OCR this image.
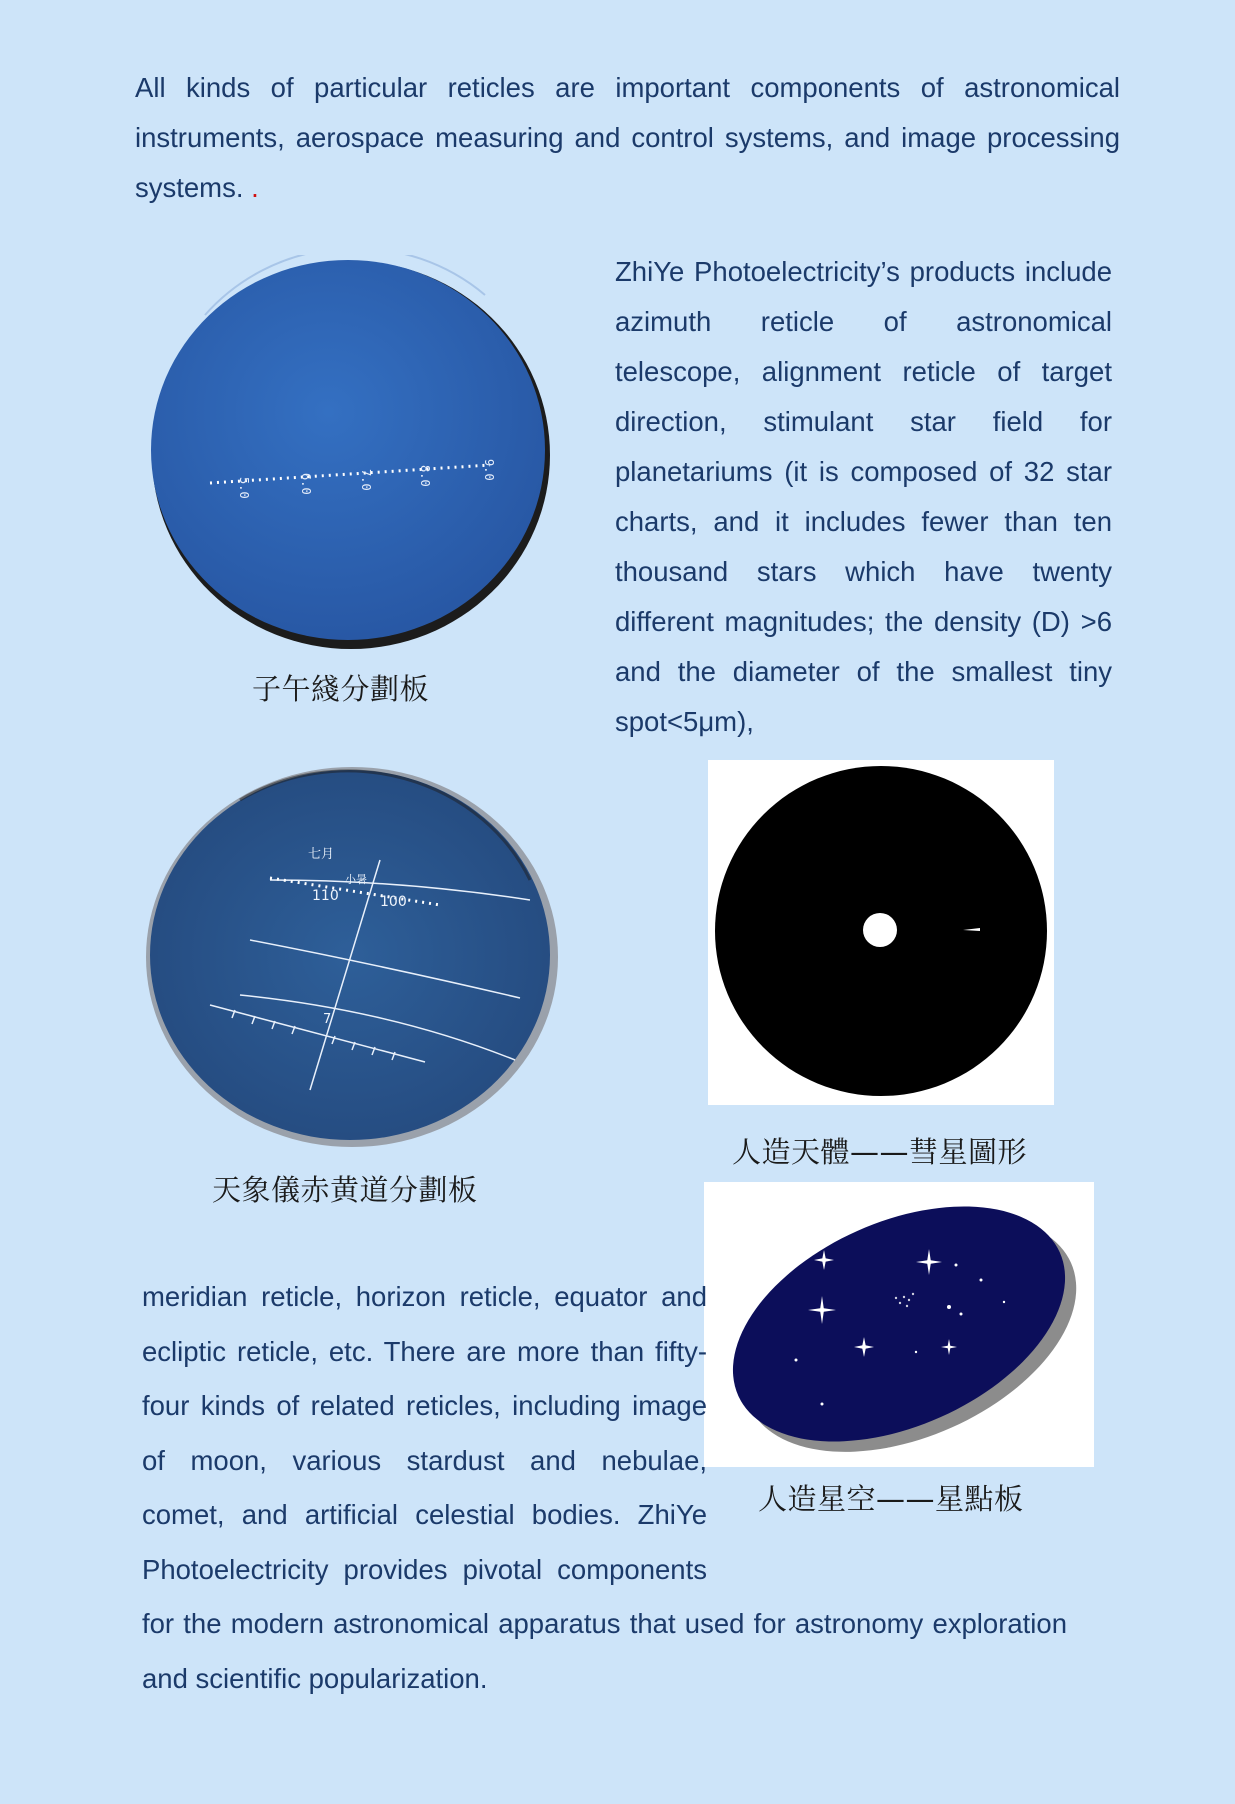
All kinds of particular reticles are important components of astronomical instruments, aerospace measuring and control systems, and image processing systems. .

5.0	6.0	7.0	8.0	9.0
子午綫分劃板

ZhiYe Photoelectricity’s products include azimuth reticle of astronomical telescope, alignment reticle of target direction, stimulant star field for planetariums (it is composed of 32 star charts, and it includes fewer than ten thousand stars which have twenty different magnitudes; the density (D) >6 and the diameter of the smallest tiny spot<5μm),

七月
小暑
110	100
7
天象儀赤黄道分劃板
人造天體——彗星圖形
人造星空——星點板

meridian reticle, horizon reticle, equator and ecliptic reticle, etc. There are more than fifty-four kinds of related reticles, including image of moon, various stardust and nebulae, comet, and artificial celestial bodies. ZhiYe Photoelectricity provides pivotal components for the modern astronomical apparatus that used for astronomy exploration and scientific popularization.
